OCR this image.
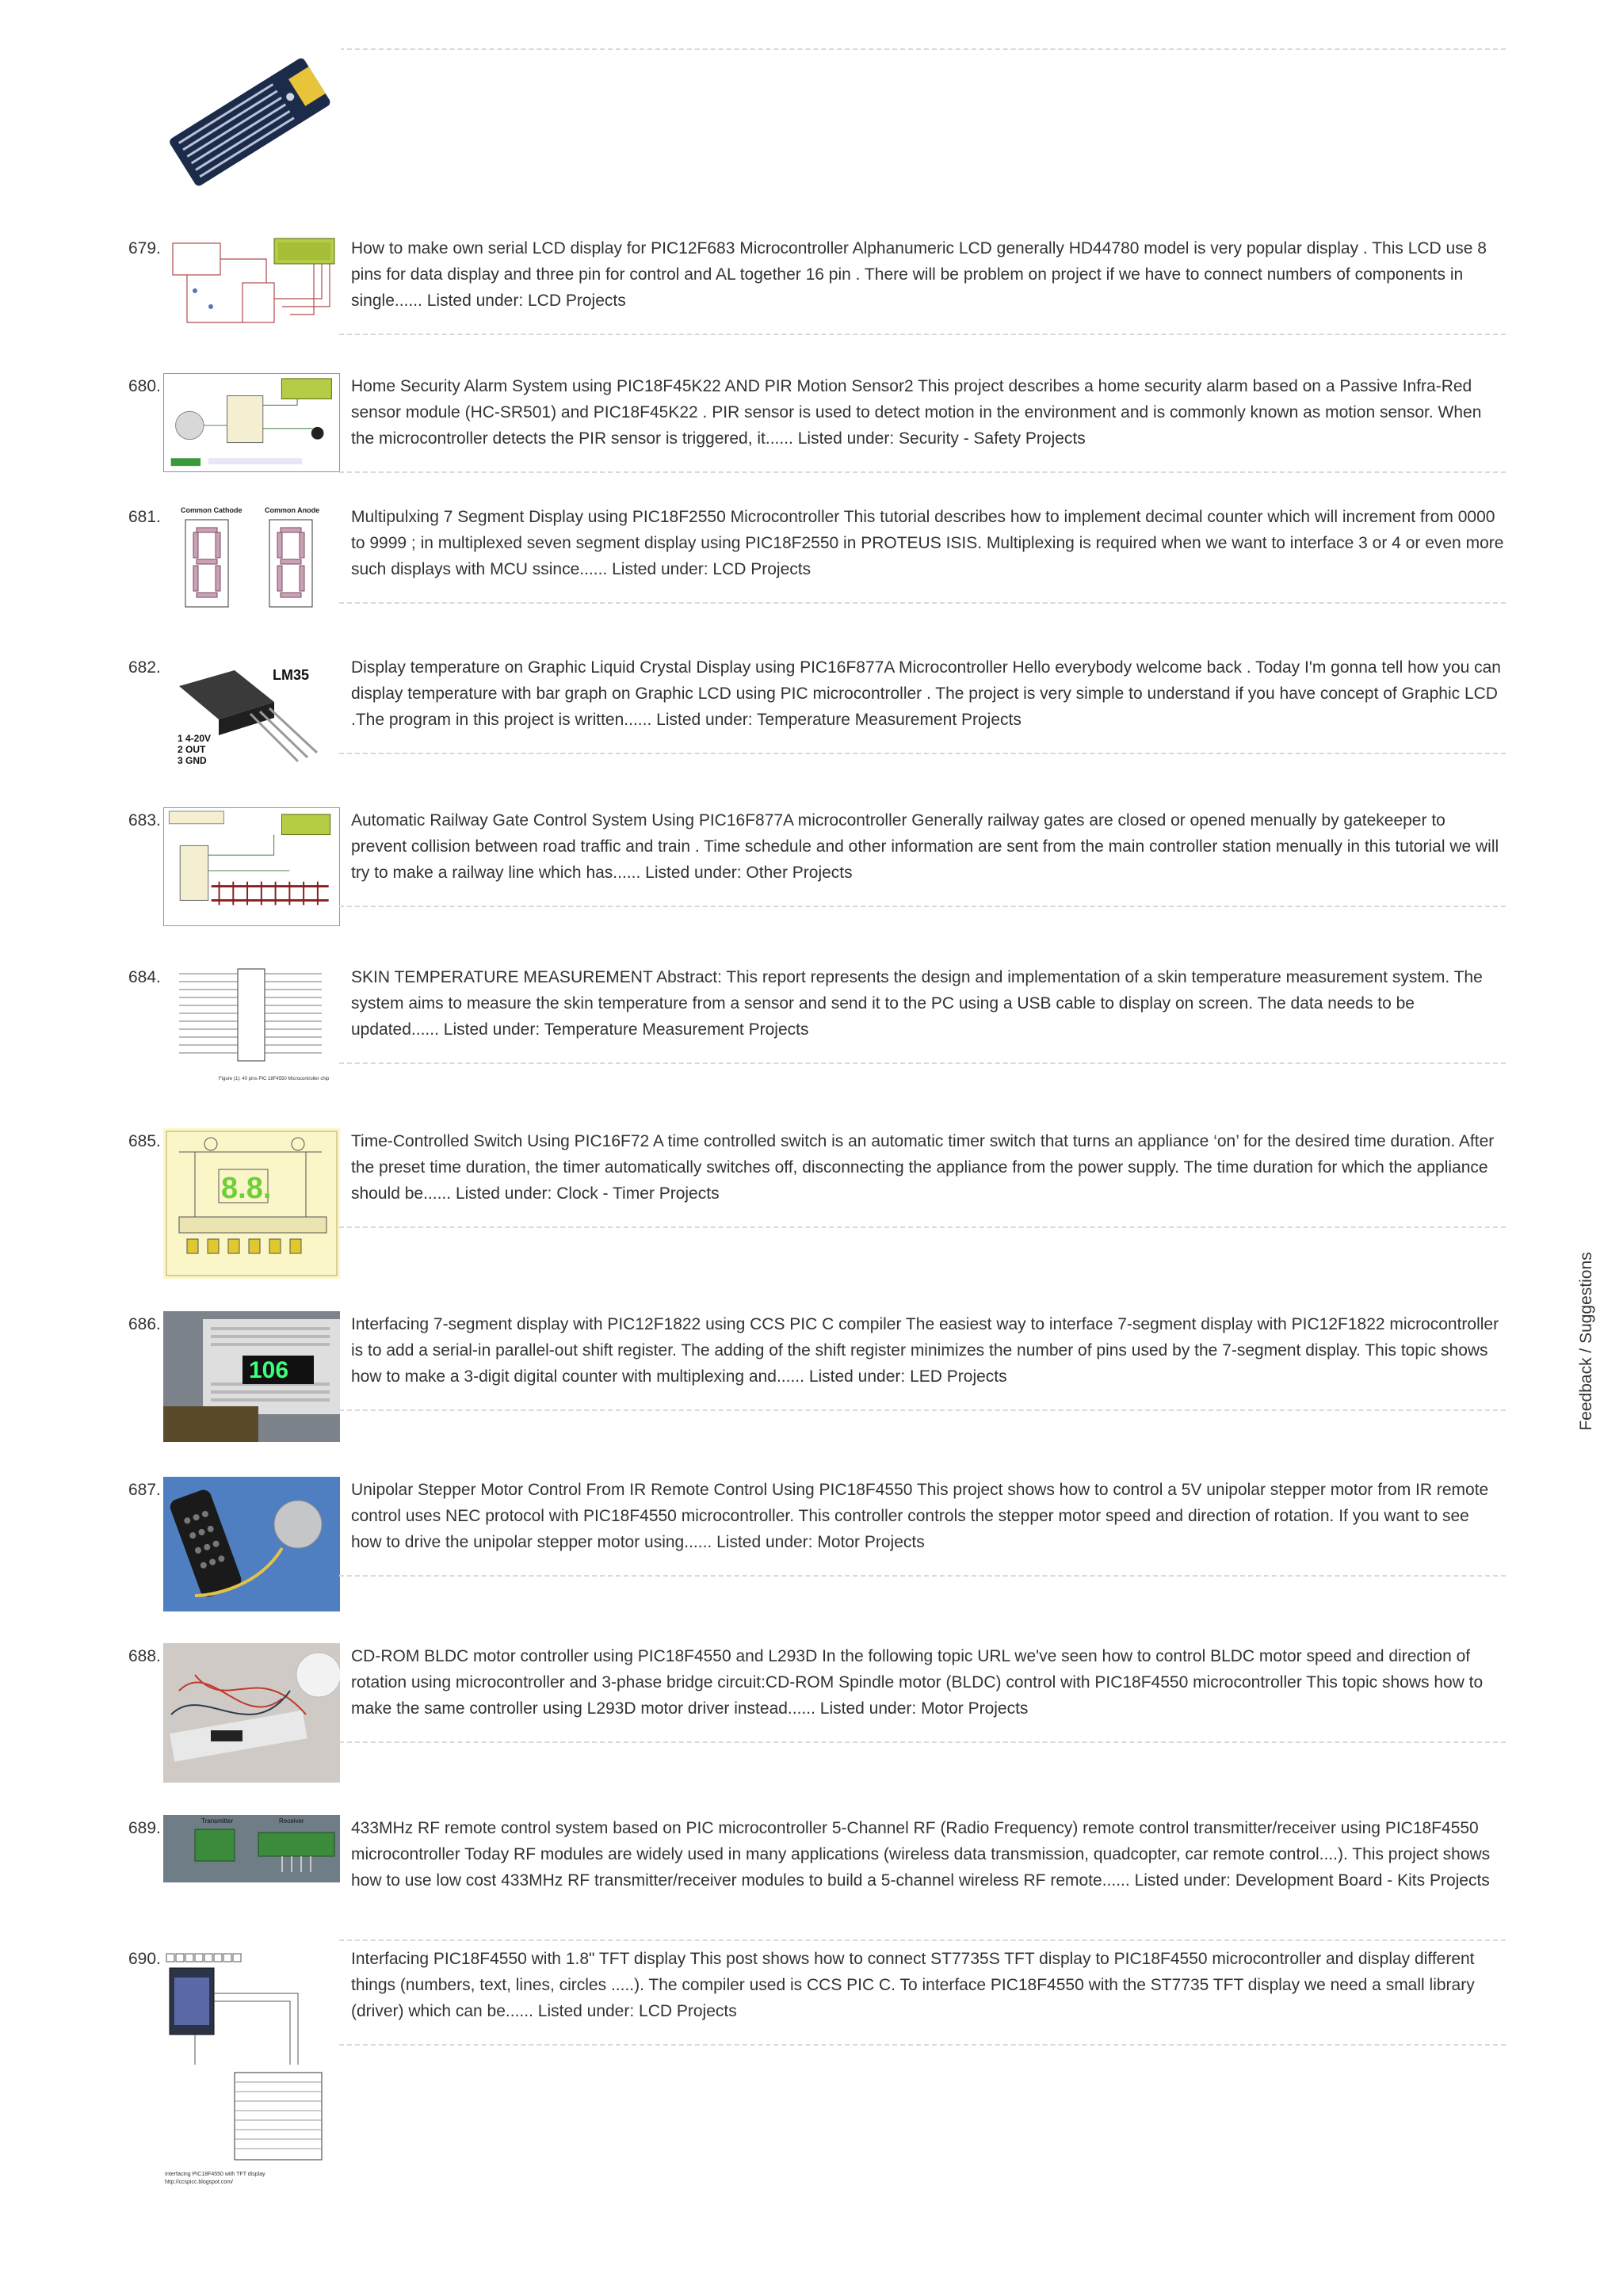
679.	How to make own serial LCD display for PIC12F683 Microcontroller Alphanumeric LCD generally HD44780 model is very popular display . This LCD use 8 pins for data display and three pin for control and AL together 16 pin . There will be problem on project if we have to connect numbers of components in single...... Listed under: LCD Projects
680.	Home Security Alarm System using PIC18F45K22 AND PIR Motion Sensor2 This project describes a home security alarm based on a Passive Infra-Red sensor module (HC-SR501) and PIC18F45K22 . PIR sensor is used to detect motion in the environment and is commonly known as motion sensor. When the microcontroller detects the PIR sensor is triggered, it...... Listed under: Security - Safety Projects
681.	Common Cathode	Common Anode Multipulxing 7 Segment Display using PIC18F2550 Microcontroller This tutorial describes how to implement decimal counter which will increment from 0000 to 9999 ; in multiplexed seven segment display using PIC18F2550 in PROTEUS ISIS. Multiplexing is required when we want to interface 3 or 4 or even more such displays with MCU ssince...... Listed under: LCD Projects
682.	LM35
1 4-20V
2 OUT
3 GND
Display temperature on Graphic Liquid Crystal Display using PIC16F877A Microcontroller Hello everybody welcome back . Today I'm gonna tell how you can display temperature with bar graph on Graphic LCD using PIC microcontroller . The project is very simple to understand if you have concept of Graphic LCD .The program in this project is written...... Listed under: Temperature Measurement Projects
683.	Automatic Railway Gate Control System Using PIC16F877A microcontroller Generally railway gates are closed or opened menually by gatekeeper to prevent collision between road traffic and train . Time schedule and other information are sent from the main controller station menually in this tutorial we will try to make a railway line which has...... Listed under: Other Projects
684.
Figure (1): 40 pins PIC 18F4550 Microcontroller chip
SKIN TEMPERATURE MEASUREMENT Abstract: This report represents the design and implementation of a skin temperature measurement system. The system aims to measure the skin temperature from a sensor and send it to the PC using a USB cable to display on screen. The data needs to be updated...... Listed under: Temperature Measurement Projects
685.
8.8.
Time-Controlled Switch Using PIC16F72 A time controlled switch is an automatic timer switch that turns an appliance ‘on’ for the desired time duration. After the preset time duration, the timer automatically switches off, disconnecting the appliance from the power supply. The time duration for which the appliance should be...... Listed under: Clock - Timer Projects
686.
106
Interfacing 7-segment display with PIC12F1822 using CCS PIC C compiler The easiest way to interface 7-segment display with PIC12F1822 microcontroller is to add a serial-in parallel-out shift register. The adding of the shift register minimizes the number of pins used by the 7-segment display. This topic shows how to make a 3-digit digital counter with multiplexing and...... Listed under: LED Projects
687.	Unipolar Stepper Motor Control From IR Remote Control Using PIC18F4550 This project shows how to control a 5V unipolar stepper motor from IR remote control uses NEC protocol with PIC18F4550 microcontroller. This controller controls the stepper motor speed and direction of rotation. If you want to see how to drive the unipolar stepper motor using...... Listed under: Motor Projects
688.	CD-ROM BLDC motor controller using PIC18F4550 and L293D In the following topic URL we've seen how to control BLDC motor speed and direction of rotation using microcontroller and 3-phase bridge circuit:CD-ROM Spindle motor (BLDC) control with PIC18F4550 microcontroller This topic shows how to make the same controller using L293D motor driver instead...... Listed under: Motor Projects
689.	Transmitter	Receiver	433MHz RF remote control system based on PIC microcontroller 5-Channel RF (Radio Frequency) remote control transmitter/receiver using PIC18F4550 microcontroller Today RF modules are widely used in many applications (wireless data transmission, quadcopter, car remote control....). This project shows how to use low cost 433MHz RF transmitter/receiver modules to build a 5-channel wireless RF remote...... Listed under: Development Board - Kits Projects
690.
Interfacing PIC18F4550 with TFT display
http://ccspicc.blogspot.com/
Interfacing PIC18F4550 with 1.8" TFT display This post shows how to connect ST7735S TFT display to PIC18F4550 microcontroller and display different things (numbers, text, lines, circles .....). The compiler used is CCS PIC C. To interface PIC18F4550 with the ST7735 TFT display we need a small library (driver) which can be...... Listed under: LCD Projects
Feedback / Suggestions
